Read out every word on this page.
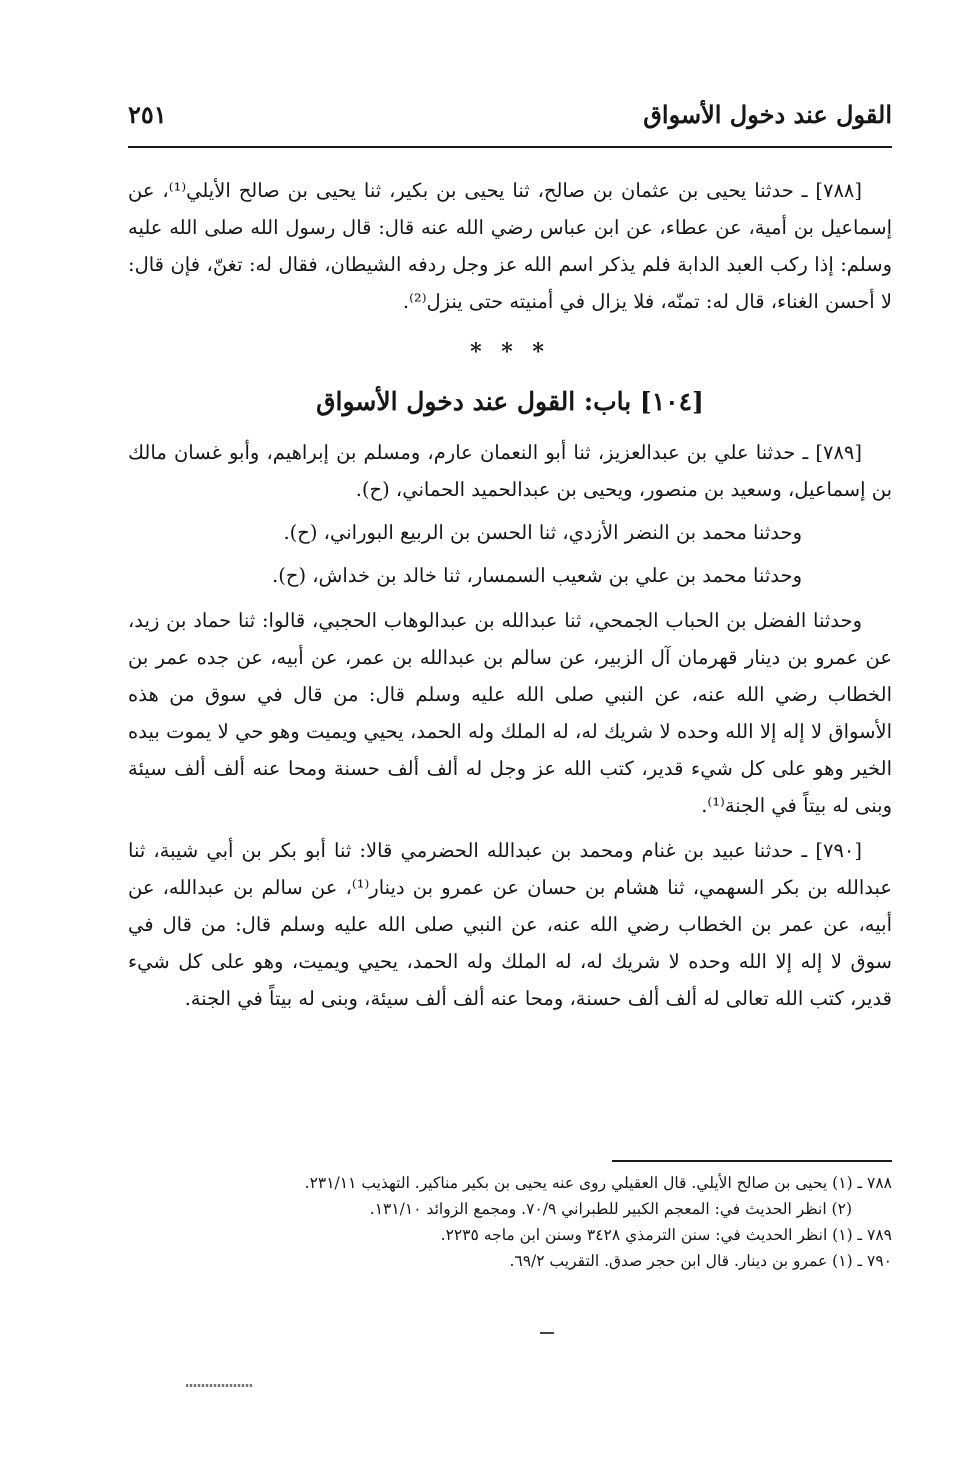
القول عند دخول الأسواق
٢٥١

[٧٨٨] ـ حدثنا يحيى بن عثمان بن صالح، ثنا يحيى بن بكير، ثنا يحيى بن صالح الأيلي⁽¹⁾، عن إسماعيل بن أمية، عن عطاء، عن ابن عباس رضي الله عنه قال: قال رسول الله صلى الله عليه وسلم: إذا ركب العبد الدابة فلم يذكر اسم الله عز وجل ردفه الشيطان، فقال له: تغنّ، فإن قال: لا أحسن الغناء، قال له: تمنّه، فلا يزال في أمنيته حتى ينزل⁽²⁾.

* * *

[١٠٤] باب: القول عند دخول الأسواق

[٧٨٩] ـ حدثنا علي بن عبدالعزيز، ثنا أبو النعمان عارم، ومسلم بن إبراهيم، وأبو غسان مالك بن إسماعيل، وسعيد بن منصور، ويحيى بن عبدالحميد الحماني، (ح).

وحدثنا محمد بن النضر الأزدي، ثنا الحسن بن الربيع البوراني، (ح).

وحدثنا محمد بن علي بن شعيب السمسار، ثنا خالد بن خداش، (ح).

وحدثنا الفضل بن الحباب الجمحي، ثنا عبدالله بن عبدالوهاب الحجبي، قالوا: ثنا حماد بن زيد، عن عمرو بن دينار قهرمان آل الزبير، عن سالم بن عبدالله بن عمر، عن أبيه، عن جده عمر بن الخطاب رضي الله عنه، عن النبي صلى الله عليه وسلم قال: من قال في سوق من هذه الأسواق لا إله إلا الله وحده لا شريك له، له الملك وله الحمد، يحيي ويميت وهو حي لا يموت بيده الخير وهو على كل شيء قدير، كتب الله عز وجل له ألف ألف حسنة ومحا عنه ألف ألف سيئة وبنى له بيتاً في الجنة⁽¹⁾.

[٧٩٠] ـ حدثنا عبيد بن غنام ومحمد بن عبدالله الحضرمي قالا: ثنا أبو بكر بن أبي شيبة، ثنا عبدالله بن بكر السهمي، ثنا هشام بن حسان عن عمرو بن دينار⁽¹⁾، عن سالم بن عبدالله، عن أبيه، عن عمر بن الخطاب رضي الله عنه، عن النبي صلى الله عليه وسلم قال: من قال في سوق لا إله إلا الله وحده لا شريك له، له الملك وله الحمد، يحيي ويميت، وهو على كل شيء قدير، كتب الله تعالى له ألف ألف حسنة، ومحا عنه ألف ألف سيئة، وبنى له بيتاً في الجنة.

٧٨٨ ـ (١) يحيى بن صالح الأيلي. قال العقيلي روى عنه يحيى بن بكير مناكير. التهذيب ٢٣١/١١.

(٢) انظر الحديث في: المعجم الكبير للطبراني ٧٠/٩. ومجمع الزوائد ١٣١/١٠.

٧٨٩ ـ (١) انظر الحديث في: سنن الترمذي ٣٤٢٨ وسنن ابن ماجه ٢٢٣٥.

٧٩٠ ـ (١) عمرو بن دينار. قال ابن حجر صدق. التقريب ٦٩/٢.
